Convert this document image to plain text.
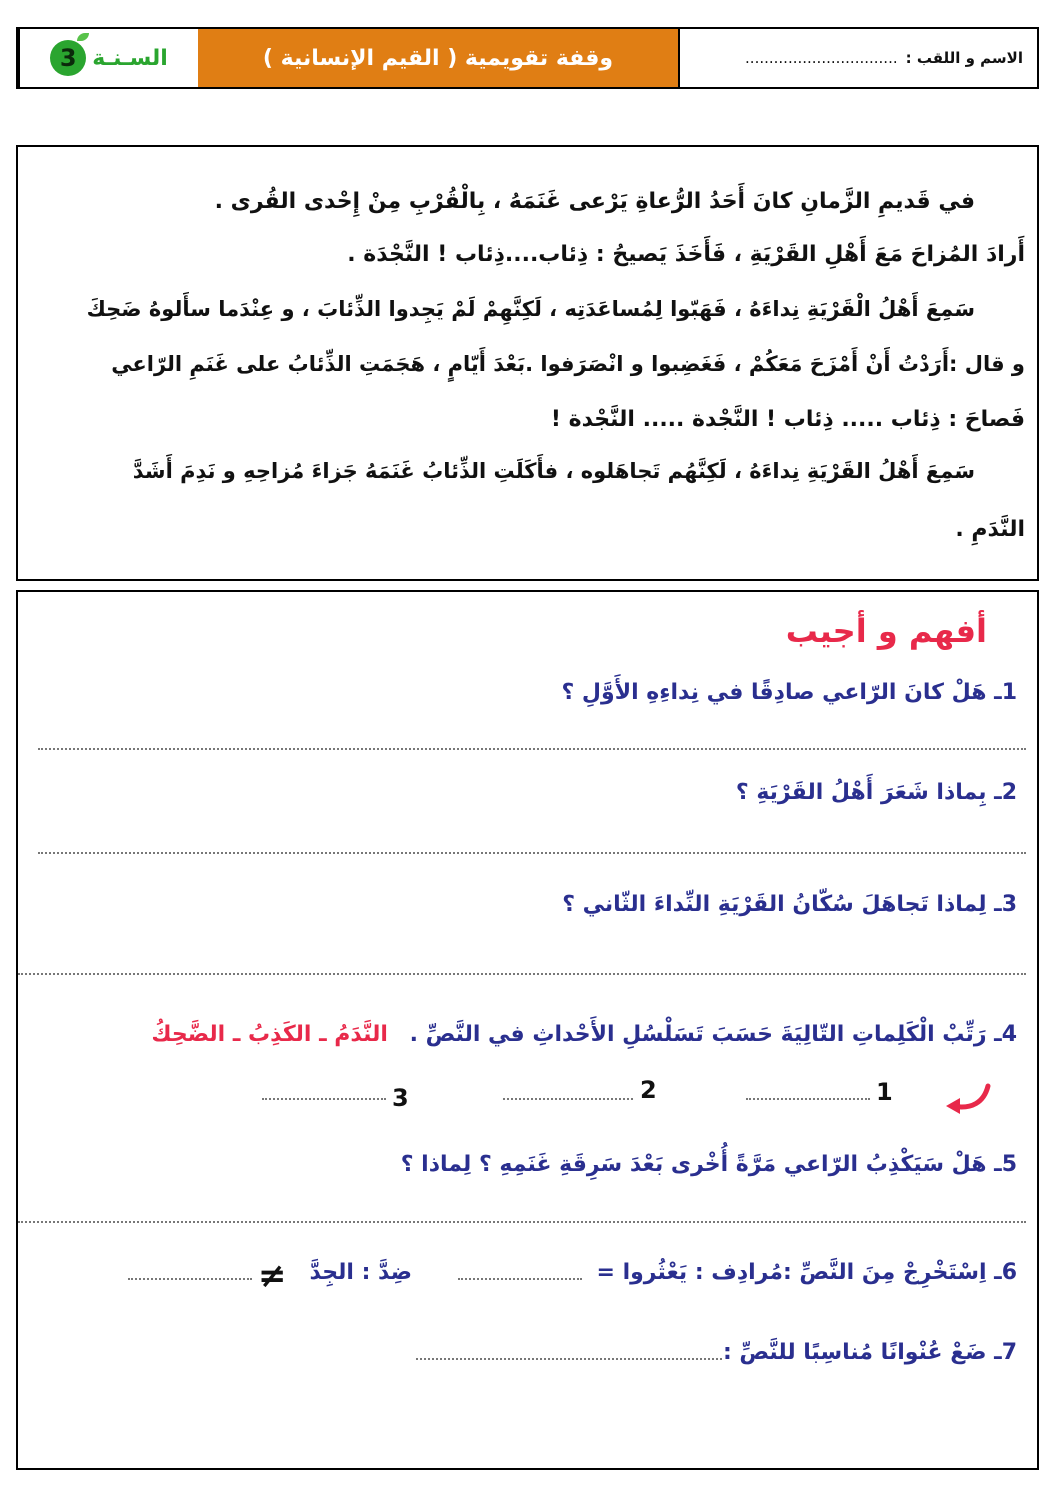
3 السـنـة	وقفة تقويمية ( القيم الإنسانية )	الاسم و اللقب :
................................
في قَديمِ الزَّمانِ كانَ أَحَدُ الرُّعاةِ يَرْعى غَنَمَهُ ، بِالْقُرْبِ مِنْ إِحْدى القُرى .
أَرادَ المُزاحَ مَعَ أَهْلِ القَرْيَةِ ، فَأَخَذَ يَصيحُ : ذِئاب....ذِئاب ! النَّجْدَة .
سَمِعَ أَهْلُ الْقَرْيَةِ نِداءَهُ ، فَهَبّوا لِمُساعَدَتِه ، لَكِنَّهِمْ لَمْ يَجِدوا الذِّئابَ ، و عِنْدَما سأَلوهُ ضَحِكَ
و قال :أَرَدْتُ أَنْ أَمْزَحَ مَعَكُمْ ، فَغَضِبوا و انْصَرَفوا .بَعْدَ أَيّامٍ ، هَجَمَتِ الذِّئابُ على غَنَمِ الرّاعي
فَصاحَ : ذِئاب ..... ذِئاب ! النَّجْدة ..... النَّجْدة !
سَمِعَ أَهْلُ القَرْيَةِ نِداءَهُ ، لَكِنَّهُم تَجاهَلوه ، فأَكَلَتِ الذِّئابُ غَنَمَهُ جَزاءَ مُزاحِهِ و نَدِمَ أَشَدَّ
النَّدَمِ .
أفهم و أجيب
1ـ هَلْ كانَ الرّاعي صادِقًا في نِداءِهِ الأَوَّلِ ؟
2ـ بِماذا شَعَرَ أَهْلُ القَرْيَةِ ؟
3ـ لِماذا تَجاهَلَ سُكّانُ القَرْيَةِ النِّداءَ الثّاني ؟
4ـ رَتِّبْ الْكَلِماتِ التّالِيَةَ حَسَبَ تَسَلْسُلِ الأَحْداثِ في النَّصِّ . النَّدَمُ ـ الكَذِبُ ـ الضَّحِكُ
1
2
3
5ـ هَلْ سَيَكْذِبُ الرّاعي مَرَّةً أُخْرى بَعْدَ سَرِقَةِ غَنَمِهِ ؟ لِماذا ؟
6ـ اِسْتَخْرِجْ مِنَ النَّصِّ :مُرادِف : يَعْثُروا =
ضِدَّ : الجِدَّ
≠
7ـ ضَعْ عُنْوانًا مُناسِبًا للنَّصِّ :
